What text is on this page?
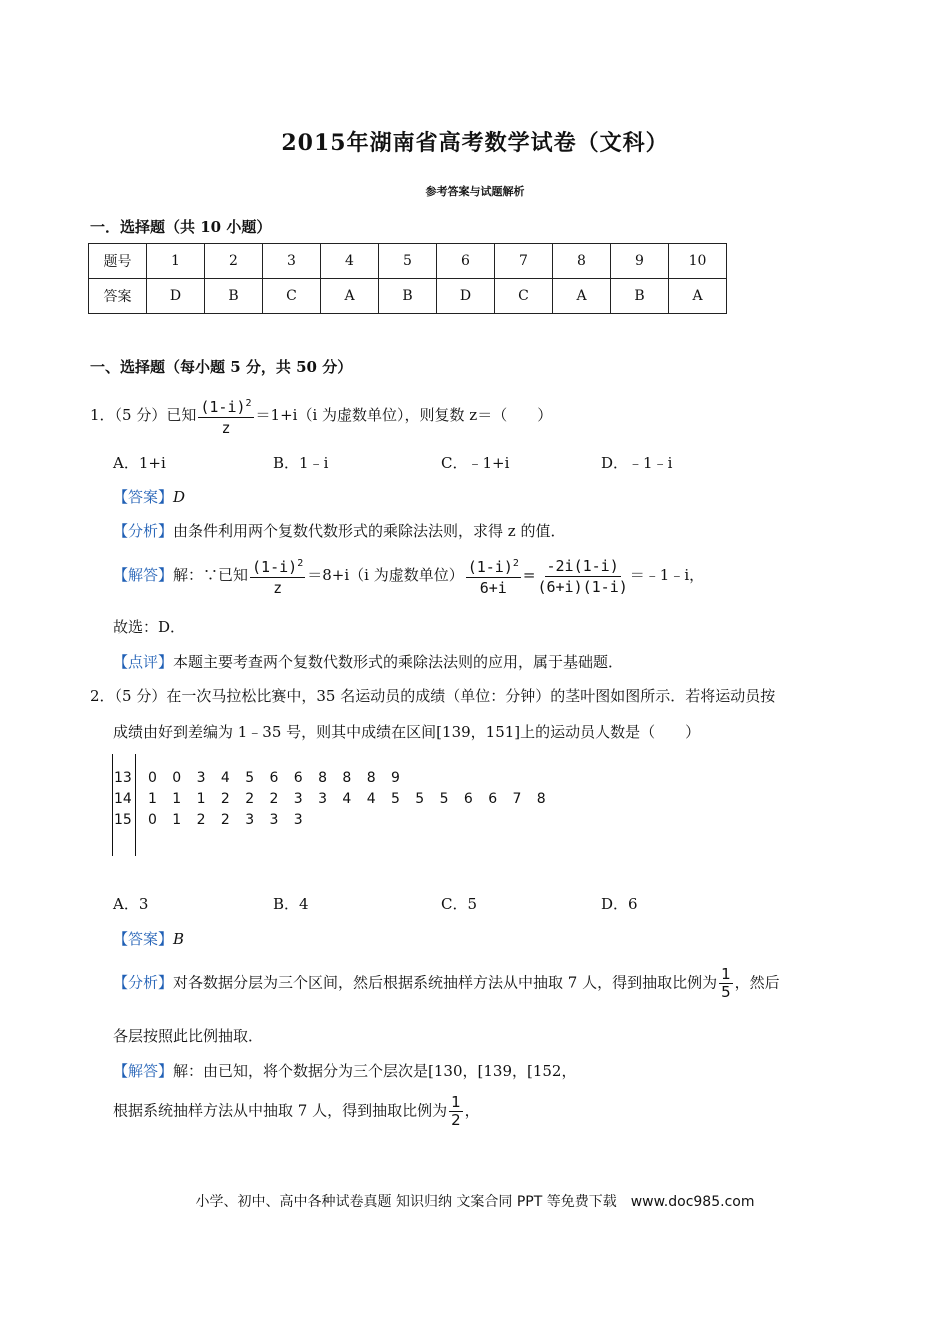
2015年湖南省高考数学试卷（文科）
参考答案与试题解析
一．选择题（共 10 小题）
题号	1	2	3	4	5	6	7	8	9	10
答案	D	B	C	A	B	D	C	A	B	A
一、选择题（每小题 5 分，共 50 分）
1．（5 分）已知 $\frac{(1-i)^2}{z} =1+i(i$ 为虚数单位），则复数 z＝（　　）
A．1+i	B．1﹣i	C．﹣1+i	D．﹣1﹣i
【答案】D
【分析】由条件利用两个复数代数形式的乘除法法则，求得 z 的值．
【解答】解：∵已知 $\frac{(1-i)^2}{z} =8+i(i$ 为虚数单位） $\frac{(1-i)^2}{6+i} = \frac{-2i(1-i)}{(6+i)(1-i)}$ ＝﹣1﹣i，
故选：D．
【点评】本题主要考查两个复数代数形式的乘除法法则的应用，属于基础题．
2．（5 分）在一次马拉松比赛中，35 名运动员的成绩（单位：分钟）的茎叶图如图所示．若将运动员按
成绩由好到差编为 1﹣35 号，则其中成绩在区间[139，151]上的运动员人数是（　　）
13 0 0 3 4 5 6 6 8 8 8 9
14 1 1 1 2 2 2 3 3 4 4 5 5 5 6 6 7 8
15 0 1 2 2 3 3 3
A．3	B．4	C．5	D．6
【答案】B
【分析】对各数据分层为三个区间，然后根据系统抽样方法从中抽取 7 人，得到抽取比例为 $\frac{1}{5}$ ，然后
各层按照此比例抽取．
【解答】解：由已知，将个数据分为三个层次是[130，[139，[152，
根据系统抽样方法从中抽取 7 人，得到抽取比例为 $\frac{1}{2}$ ，
小学、初中、高中各种试卷真题 知识归纳 文案合同 PPT 等免费下载　www.doc985.com
